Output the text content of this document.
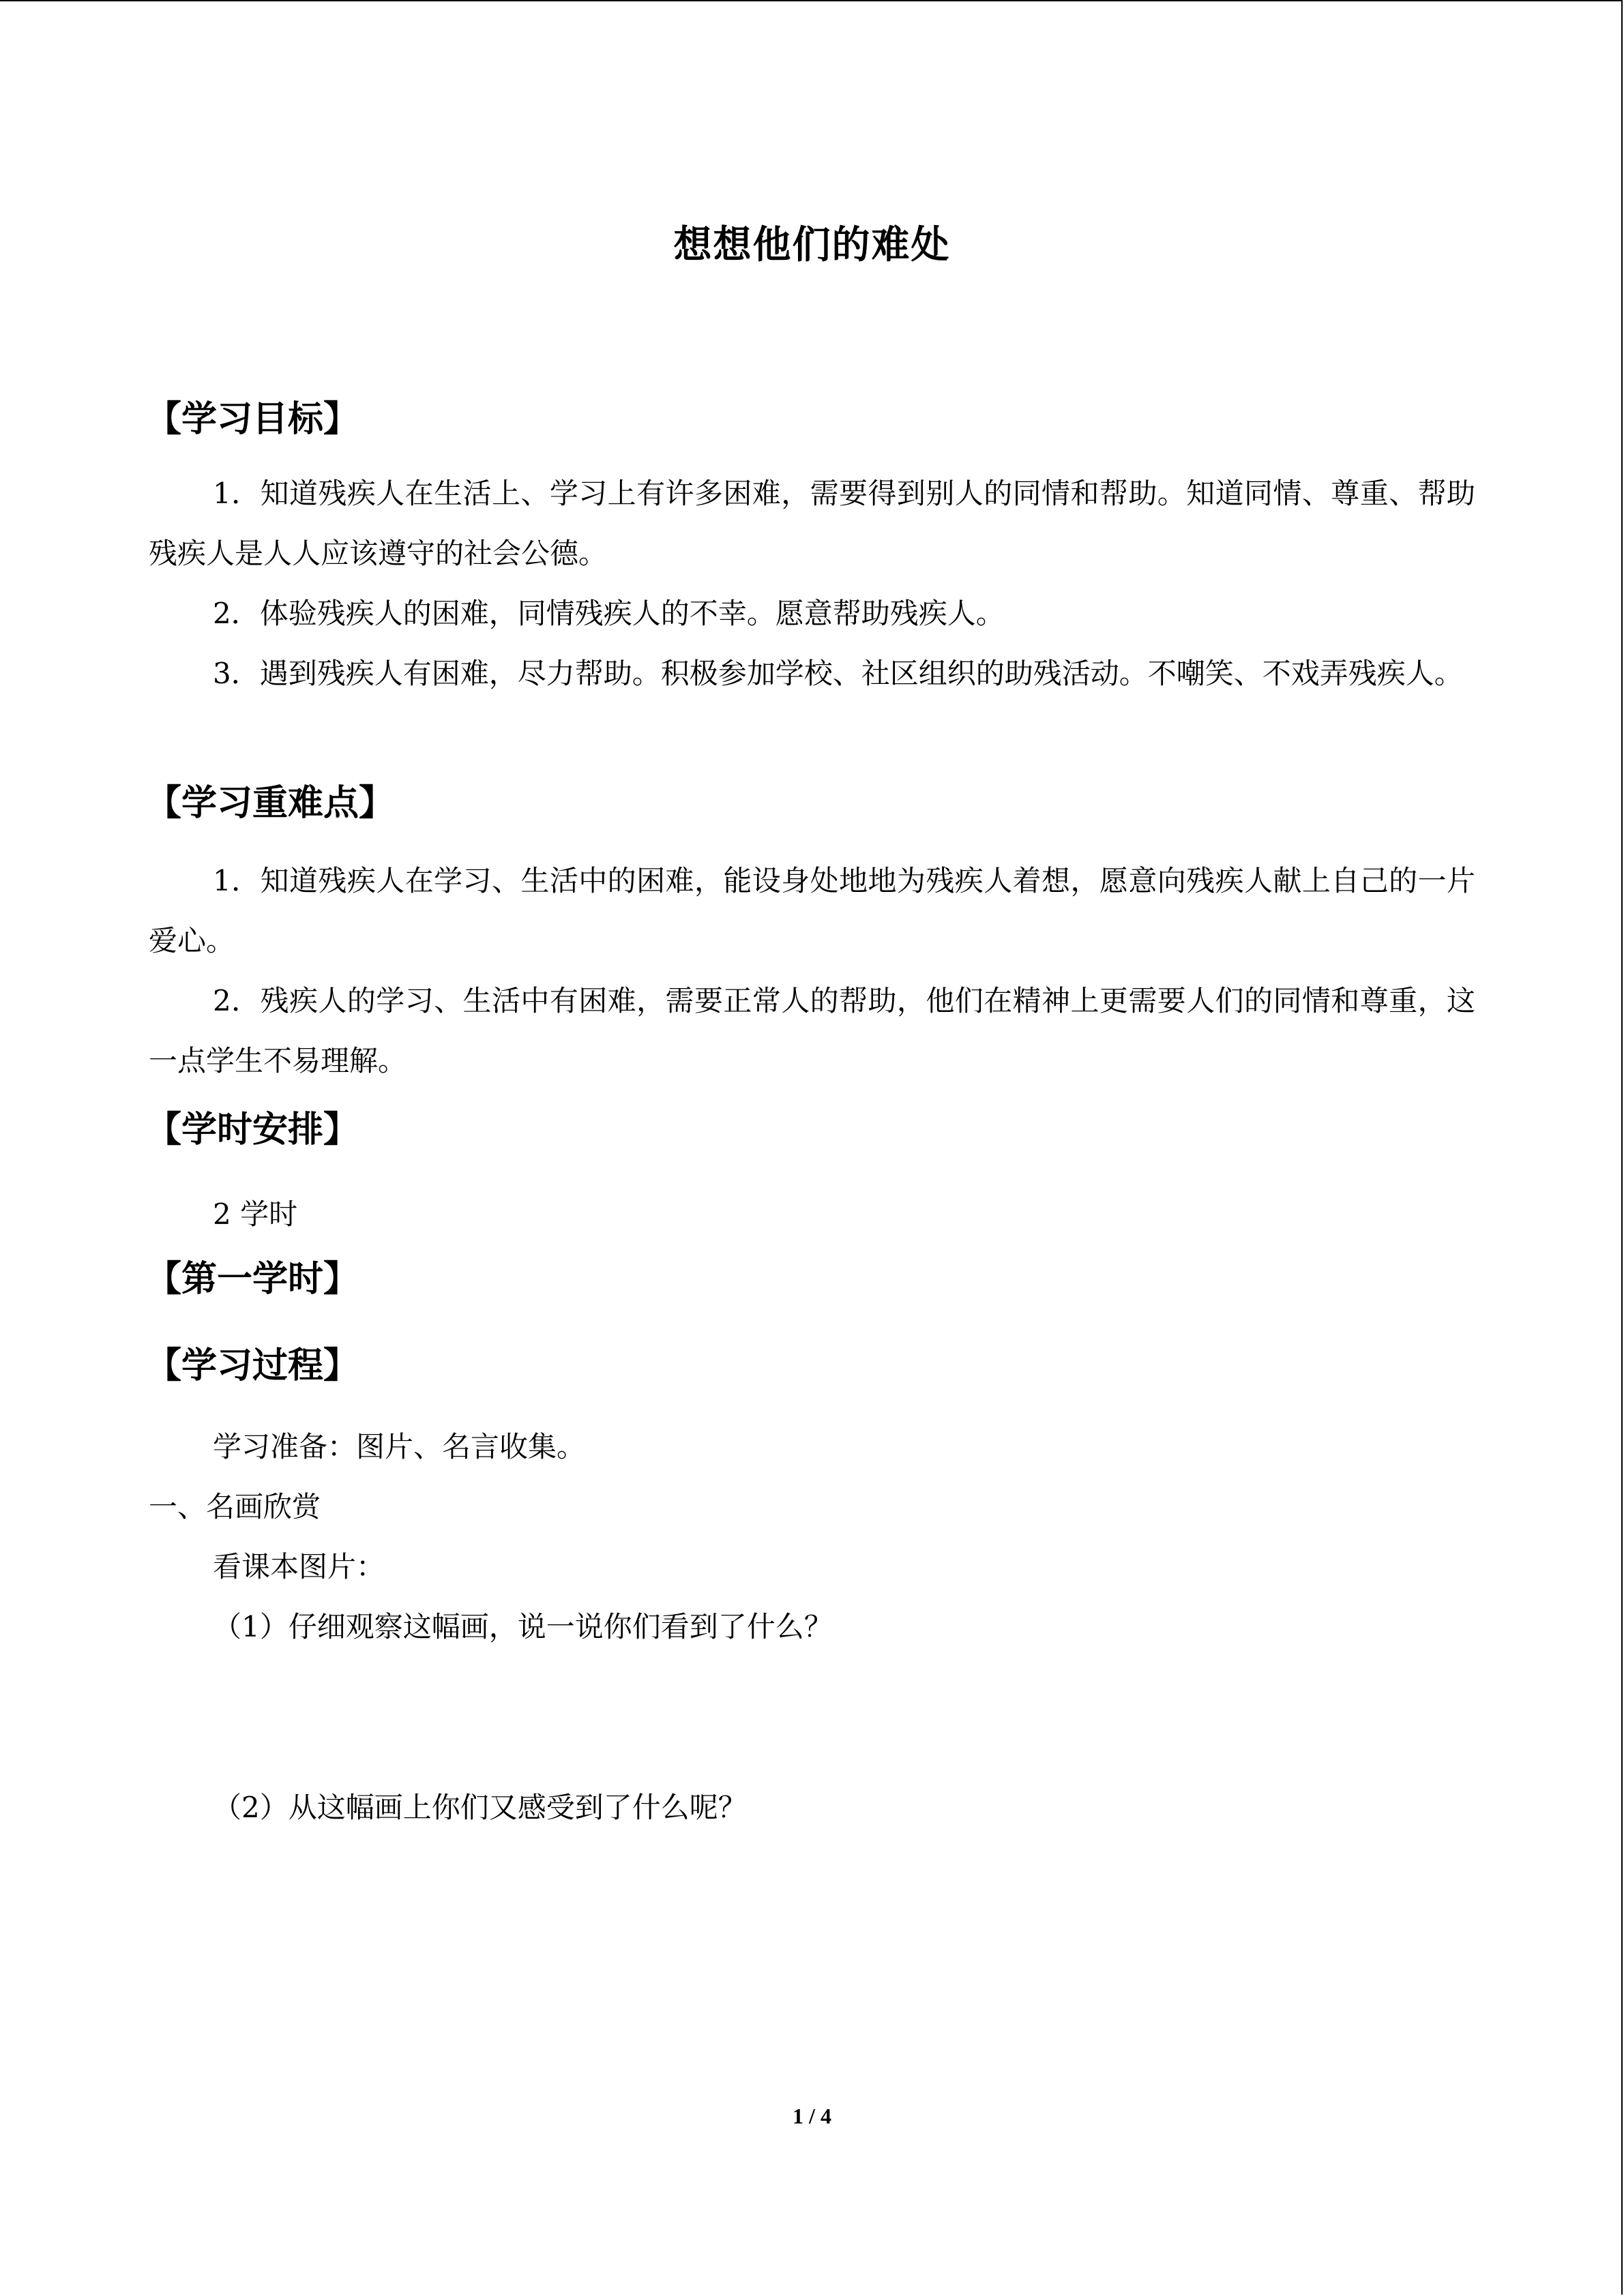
想想他们的难处
【学习目标】
1．知道残疾人在生活上、学习上有许多困难，需要得到别人的同情和帮助。知道同情、尊重、帮助残疾人是人人应该遵守的社会公德。
2．体验残疾人的困难，同情残疾人的不幸。愿意帮助残疾人。
3．遇到残疾人有困难，尽力帮助。积极参加学校、社区组织的助残活动。不嘲笑、不戏弄残疾人。
【学习重难点】
1．知道残疾人在学习、生活中的困难，能设身处地地为残疾人着想，愿意向残疾人献上自己的一片爱心。
2．残疾人的学习、生活中有困难，需要正常人的帮助，他们在精神上更需要人们的同情和尊重，这一点学生不易理解。
【学时安排】
2 学时
【第一学时】
【学习过程】
学习准备：图片、名言收集。
一、名画欣赏
看课本图片：
（1）仔细观察这幅画，说一说你们看到了什么？
（2）从这幅画上你们又感受到了什么呢？
1 / 4
